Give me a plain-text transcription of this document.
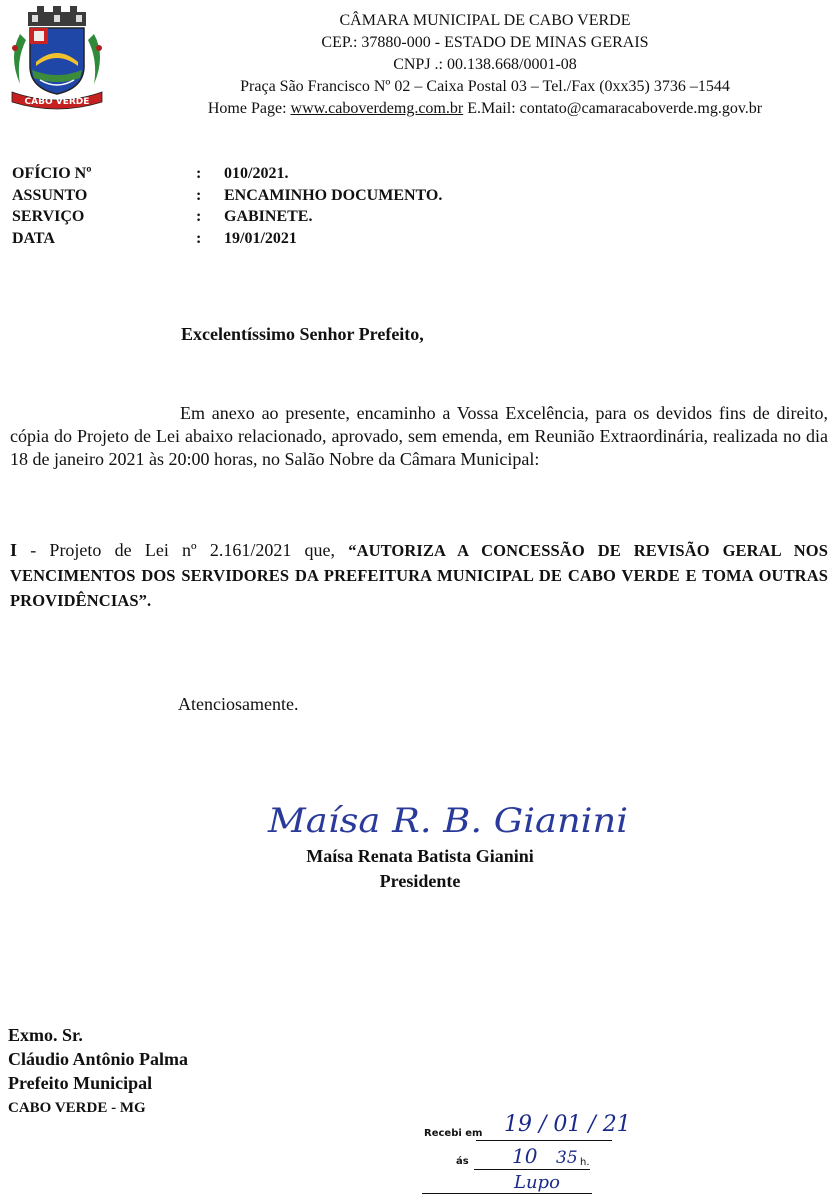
CABO VERDE
CÂMARA MUNICIPAL DE CABO VERDE
CEP.: 37880-000 - ESTADO DE MINAS GERAIS
CNPJ .: 00.138.668/0001-08
Praça São Francisco Nº 02 – Caixa Postal 03 – Tel./Fax (0xx35) 3736 –1544
Home Page: www.caboverdemg.com.br E.Mail: contato@camaracaboverde.mg.gov.br
OFÍCIO Nº	: 010/2021.
ASSUNTO	: ENCAMINHO DOCUMENTO.
SERVIÇO	: GABINETE.
DATA	: 19/01/2021
Excelentíssimo Senhor Prefeito,
Em anexo ao presente, encaminho a Vossa Excelência, para os devidos fins de direito, cópia do Projeto de Lei abaixo relacionado, aprovado, sem emenda, em Reunião Extraordinária, realizada no dia 18 de janeiro 2021 às 20:00 horas, no Salão Nobre da Câmara Municipal:
I - Projeto de Lei nº 2.161/2021 que, “AUTORIZA A CONCESSÃO DE REVISÃO GERAL NOS VENCIMENTOS DOS SERVIDORES DA PREFEITURA MUNICIPAL DE CABO VERDE E TOMA OUTRAS PROVIDÊNCIAS”.
Atenciosamente.
Maísa R. B. Gianini
Maísa Renata Batista Gianini
Presidente
Exmo. Sr.
Cláudio Antônio Palma
Prefeito Municipal
CABO VERDE - MG
Recebi em 19 / 01 / 21
ás 10 35 h.
Lupo
